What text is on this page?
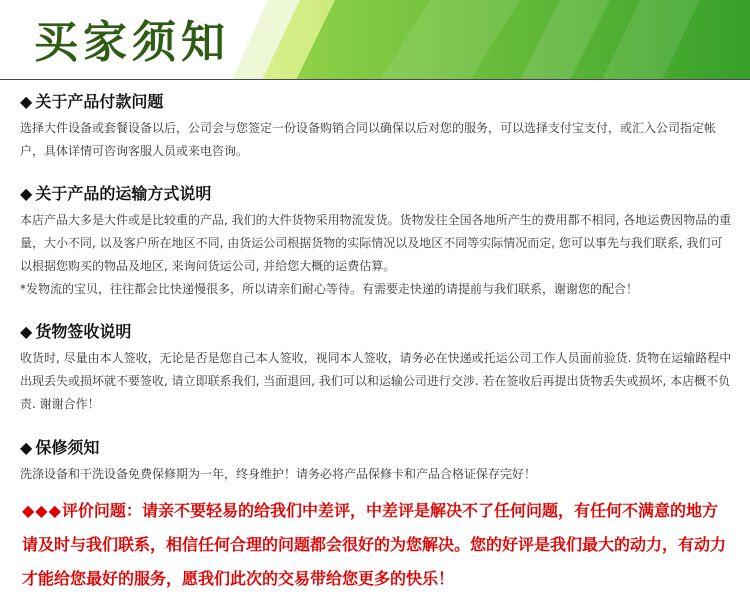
买家须知
◆ 关于产品付款问题

选择大件设备或套餐设备以后，公司会与您签定一份设备购销合同以确保以后对您的服务，可以选择支付宝支付，或汇入公司指定帐户，具体详情可咨询客服人员或来电咨询。

◆ 关于产品的运输方式说明

本店产品大多是大件或是比较重的产品, 我们的大件货物采用物流发货。货物发往全国各地所产生的费用都不相同, 各地运费因物品的重量，大小不同, 以及客户所在地区不同, 由货运公司根据货物的实际情况以及地区不同等实际情况而定, 您可以事先与我们联系, 我们可以根据您购买的物品及地区, 来询问货运公司, 并给您大概的运费估算。

*发物流的宝贝，往往都会比快递慢很多，所以请亲们耐心等待。有需要走快递的请提前与我们联系，谢谢您的配合！

◆ 货物签收说明

收货时, 尽量由本人签收，无论是否是您自己本人签收，视同本人签收，请务必在快递或托运公司工作人员面前验货. 货物在运输路程中出现丢失或损坏就不要签收, 请立即联系我们, 当面退回, 我们可以和运输公司进行交涉. 若在签收后再提出货物丢失或损坏, 本店概不负责. 谢谢合作！

◆ 保修须知

洗涤设备和干洗设备免费保修期为一年，终身维护！请务必将产品保修卡和产品合格证保存完好！

◆◆◆评价问题：请亲不要轻易的给我们中差评，中差评是解决不了任何问题，有任何不满意的地方请及时与我们联系，相信任何合理的问题都会很好的为您解决。您的好评是我们最大的动力，有动力才能给您最好的服务，愿我们此次的交易带给您更多的快乐！
